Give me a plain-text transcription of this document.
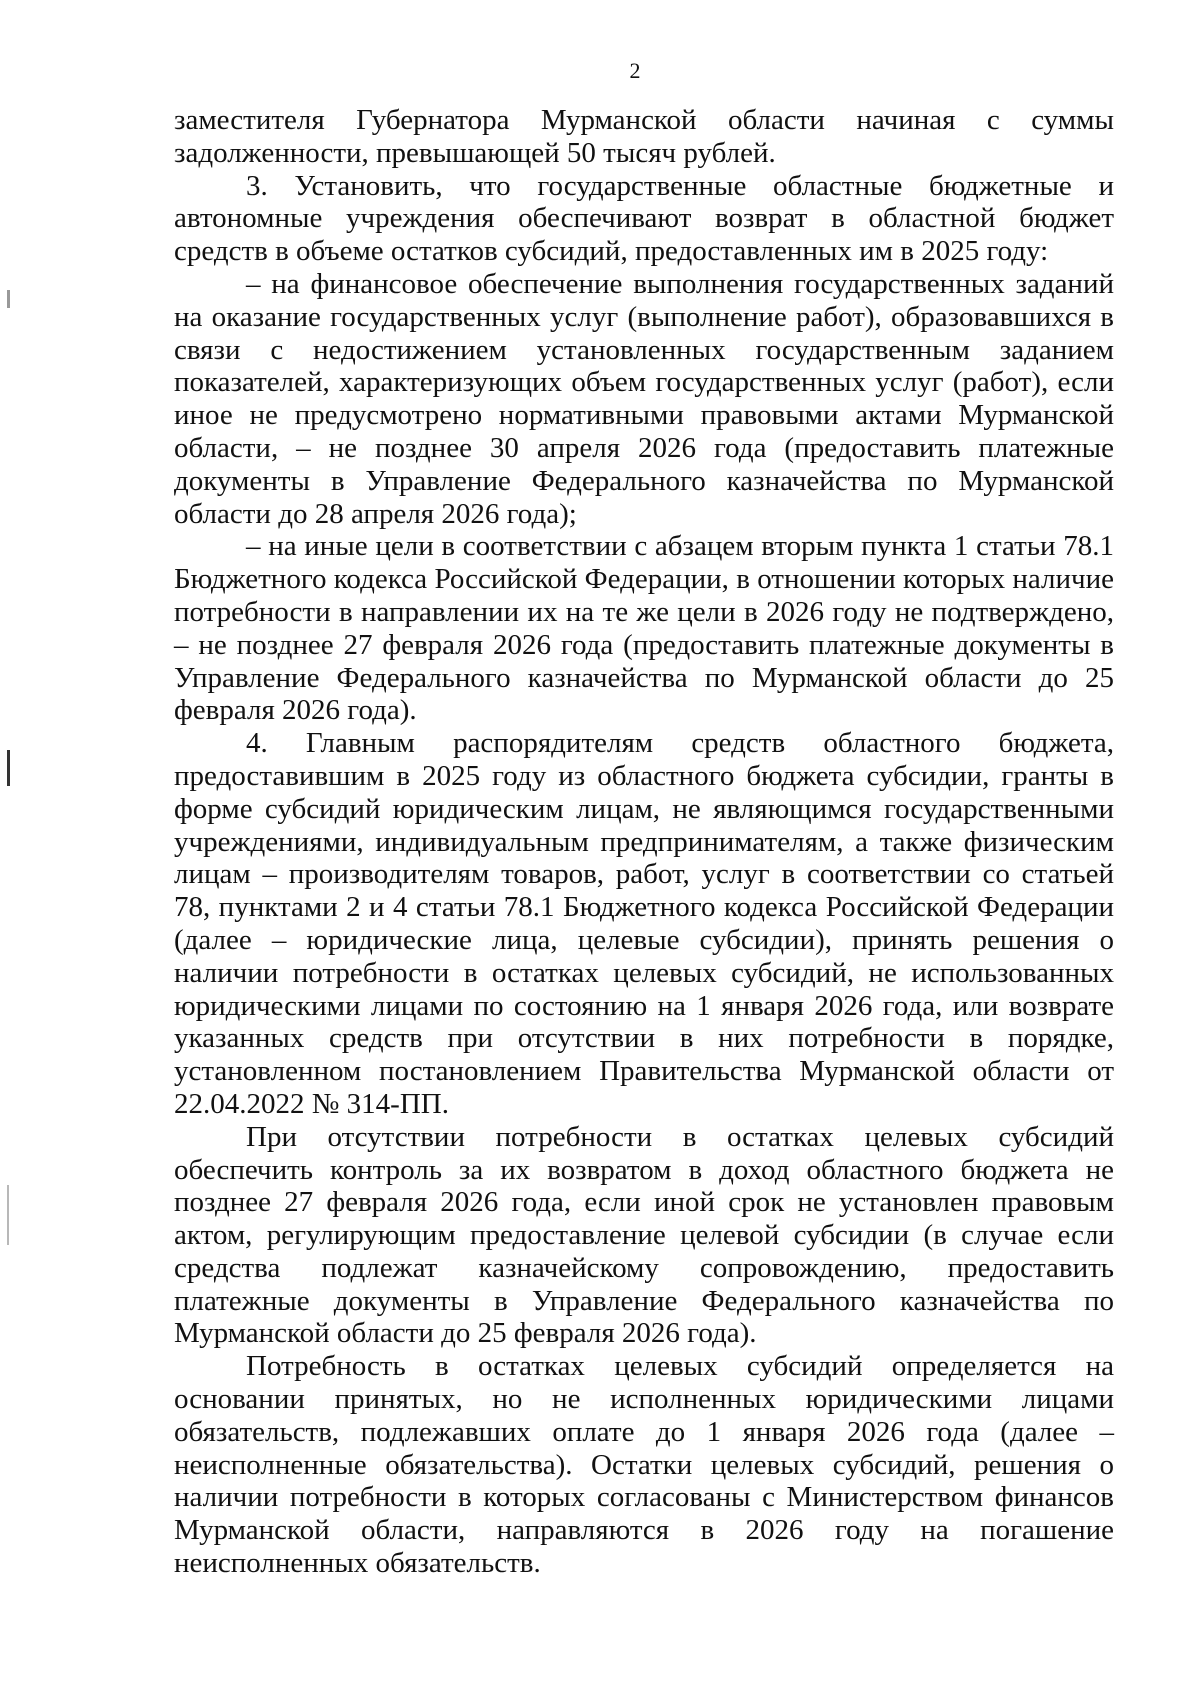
2

заместителя Губернатора Мурманской области начиная с суммы задолженности, превышающей 50 тысяч рублей.

3. Установить, что государственные областные бюджетные и автономные учреждения обеспечивают возврат в областной бюджет средств в объеме остатков субсидий, предоставленных им в 2025 году:

– на финансовое обеспечение выполнения государственных заданий на оказание государственных услуг (выполнение работ), образовавшихся в связи с недостижением установленных государственным заданием показателей, характеризующих объем государственных услуг (работ), если иное не предусмотрено нормативными правовыми актами Мурманской области, – не позднее 30 апреля 2026 года (предоставить платежные документы в Управление Федерального казначейства по Мурманской области до 28 апреля 2026 года);

– на иные цели в соответствии с абзацем вторым пункта 1 статьи 78.1 Бюджетного кодекса Российской Федерации, в отношении которых наличие потребности в направлении их на те же цели в 2026 году не подтверждено, – не позднее 27 февраля 2026 года (предоставить платежные документы в Управление Федерального казначейства по Мурманской области до 25 февраля 2026 года).

4. Главным распорядителям средств областного бюджета, предоставившим в 2025 году из областного бюджета субсидии, гранты в форме субсидий юридическим лицам, не являющимся государственными учреждениями, индивидуальным предпринимателям, а также физическим лицам – производителям товаров, работ, услуг в соответствии со статьей 78, пунктами 2 и 4 статьи 78.1 Бюджетного кодекса Российской Федерации (далее – юридические лица, целевые субсидии), принять решения о наличии потребности в остатках целевых субсидий, не использованных юридическими лицами по состоянию на 1 января 2026 года, или возврате указанных средств при отсутствии в них потребности в порядке, установленном постановлением Правительства Мурманской области от 22.04.2022 № 314-ПП.

При отсутствии потребности в остатках целевых субсидий обеспечить контроль за их возвратом в доход областного бюджета не позднее 27 февраля 2026 года, если иной срок не установлен правовым актом, регулирующим предоставление целевой субсидии (в случае если средства подлежат казначейскому сопровождению, предоставить платежные документы в Управление Федерального казначейства по Мурманской области до 25 февраля 2026 года).

Потребность в остатках целевых субсидий определяется на основании принятых, но не исполненных юридическими лицами обязательств, подлежавших оплате до 1 января 2026 года (далее – неисполненные обязательства). Остатки целевых субсидий, решения о наличии потребности в которых согласованы с Министерством финансов Мурманской области, направляются в 2026 году на погашение неисполненных обязательств.
